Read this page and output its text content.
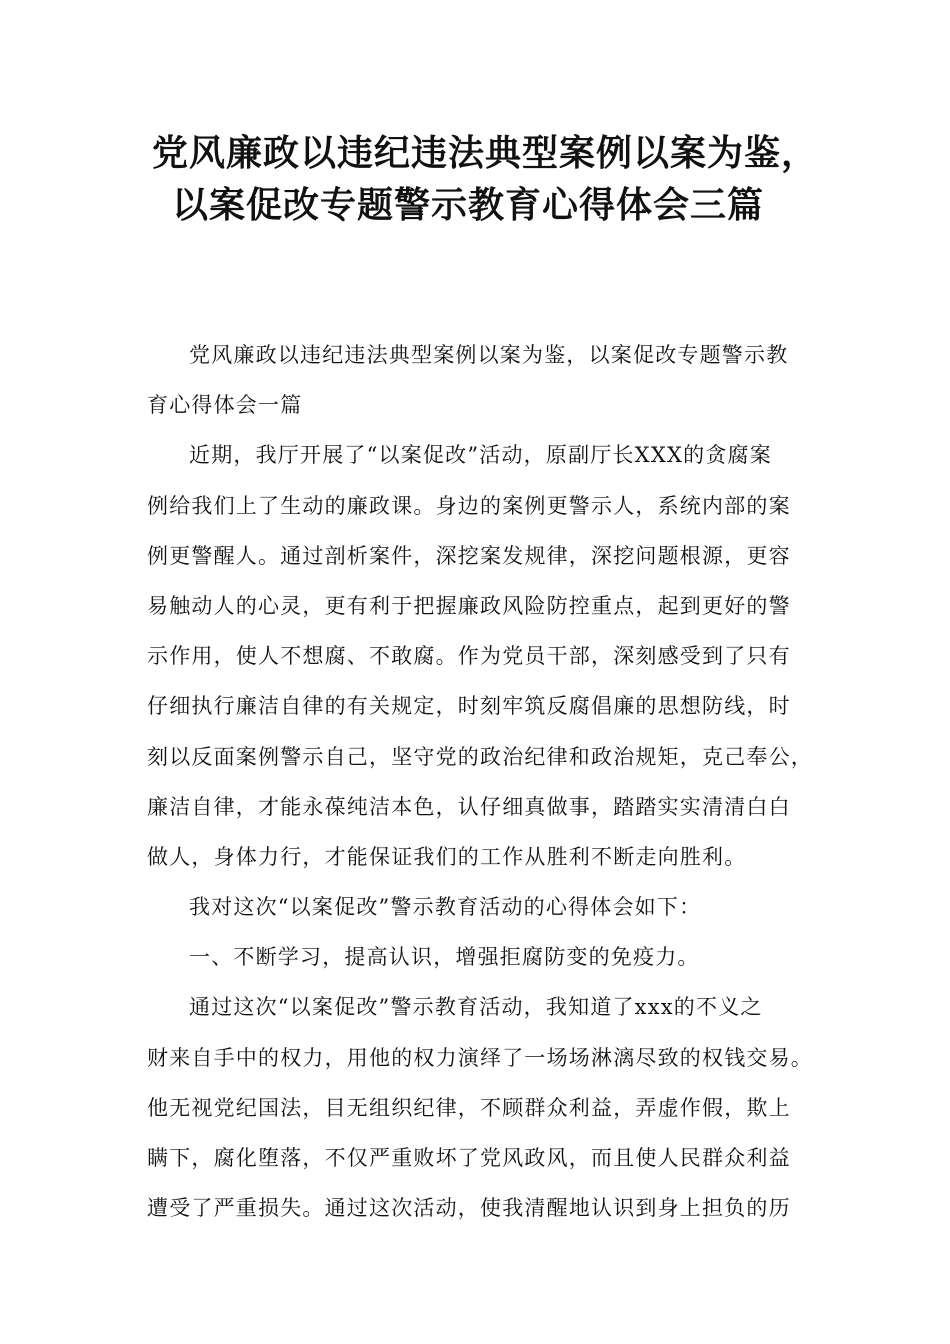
党风廉政以违纪违法典型案例以案为鉴，
以案促改专题警示教育心得体会三篇

党风廉政以违纪违法典型案例以案为鉴，以案促改专题警示教
育心得体会一篇

近期，我厅开展了“以案促改”活动，原副厅长XXX的贪腐案
例给我们上了生动的廉政课。身边的案例更警示人，系统内部的案
例更警醒人。通过剖析案件，深挖案发规律，深挖问题根源，更容
易触动人的心灵，更有利于把握廉政风险防控重点，起到更好的警
示作用，使人不想腐、不敢腐。作为党员干部，深刻感受到了只有
仔细执行廉洁自律的有关规定，时刻牢筑反腐倡廉的思想防线，时
刻以反面案例警示自己，坚守党的政治纪律和政治规矩，克己奉公，
廉洁自律，才能永葆纯洁本色，认仔细真做事，踏踏实实清清白白
做人，身体力行，才能保证我们的工作从胜利不断走向胜利。

我对这次“以案促改”警示教育活动的心得体会如下：

一、不断学习，提高认识，增强拒腐防变的免疫力。

通过这次“以案促改”警示教育活动，我知道了xxx的不义之
财来自手中的权力，用他的权力演绎了一场场淋漓尽致的权钱交易。
他无视党纪国法，目无组织纪律，不顾群众利益，弄虚作假，欺上
瞒下，腐化堕落，不仅严重败坏了党风政风，而且使人民群众利益
遭受了严重损失。通过这次活动，使我清醒地认识到身上担负的历
